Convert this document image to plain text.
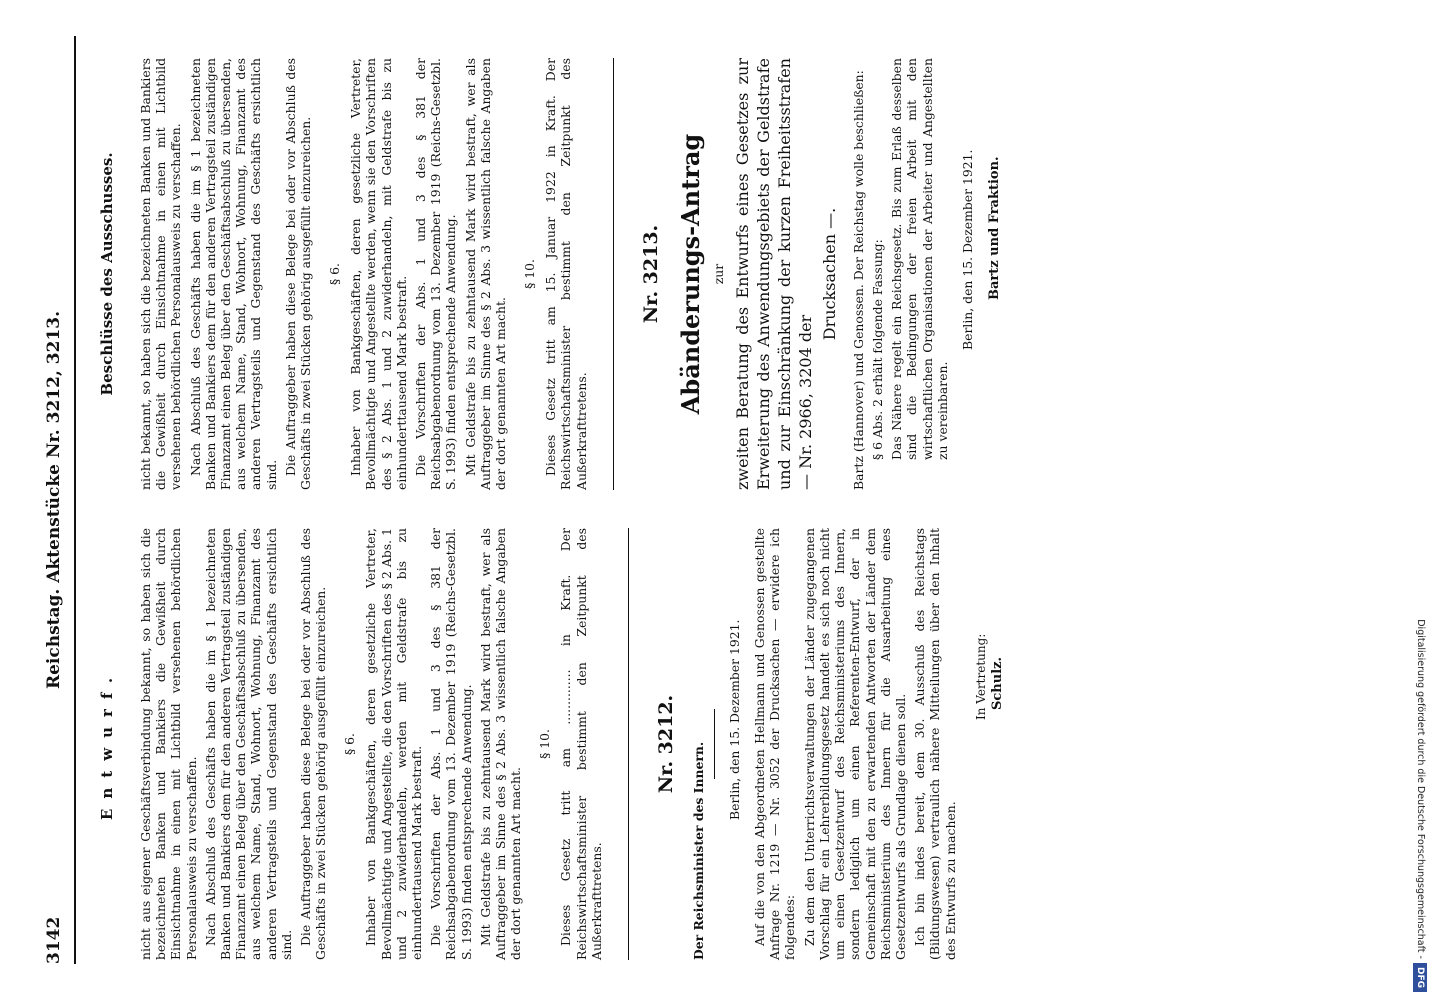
3142
Reichstag. Aktenstücke Nr. 3212, 3213.
Entwurf. nicht aus eigener Geschäftsverbindung bekannt, so haben sich die bezeichneten Banken und Bankiers die Gewißheit durch Einsichtnahme in einen mit Lichtbild versehenen behördlichen Personalausweis zu verschaffen. Nach Abschluß des Geschäfts haben die im § 1 bezeichneten Banken und Bankiers dem für den anderen Vertragsteil zuständigen Finanzamt einen Beleg über den Geschäftsabschluß zu übersenden, aus welchem Name, Stand, Wohnort, Wohnung, Finanzamt des anderen Vertragsteils und Gegenstand des Geschäfts ersichtlich sind. Die Auftraggeber haben diese Belege bei oder vor Abschluß des Geschäfts in zwei Stücken gehörig ausgefüllt einzureichen. § 6. Inhaber von Bankgeschäften, deren gesetzliche Vertreter, Bevollmächtigte und Angestellte, die den Vorschriften des § 2 Abs. 1 und 2 zuwiderhandeln, werden mit Geldstrafe bis zu einhunderttausend Mark bestraft. Die Vorschriften der Abs. 1 und 3 des § 381 der Reichsabgabenordnung vom 13. Dezember 1919 (Reichs-Gesetzbl. S. 1993) finden entsprechende Anwendung. Mit Geldstrafe bis zu zehntausend Mark wird bestraft, wer als Auftraggeber im Sinne des § 2 Abs. 3 wissentlich falsche Angaben der dort genannten Art macht.

§ 10. Dieses Gesetz tritt am .............. in Kraft. Der Reichswirtschaftsminister bestimmt den Zeitpunkt des Außerkrafttretens.

Nr. 3212. Der Reichsminister des Innern.
Berlin, den 15. Dezember 1921. Auf die von den Abgeordneten Hellmann und Genossen gestellte Anfrage Nr. 1219 — Nr. 3052 der Drucksachen — erwidere ich folgendes: Zu dem den Unterrichtsverwaltungen der Länder zugegangenen Vorschlag für ein Lehrerbildungsgesetz handelt es sich noch nicht um einen Gesetzentwurf des Reichsministeriums des Innern, sondern lediglich um einen Referenten-Entwurf, der in Gemeinschaft mit den zu erwartenden Antworten der Länder dem Reichsministerium des Innern für die Ausarbeitung eines Gesetzentwurfs als Grundlage dienen soll. Ich bin indes bereit, dem 30. Ausschuß des Reichstags (Bildungswesen) vertraulich nähere Mitteilungen über den Inhalt des Entwurfs zu machen.

In Vertretung: Schulz.
Beschlüsse des Ausschusses. nicht bekannt, so haben sich die bezeichneten Banken und Bankiers die Gewißheit durch Einsichtnahme in einen mit Lichtbild versehenen behördlichen Personalausweis zu verschaffen. Nach Abschluß des Geschäfts haben die im § 1 bezeichneten Banken und Bankiers dem für den anderen Vertragsteil zuständigen Finanzamt einen Beleg über den Geschäftsabschluß zu übersenden, aus welchem Name, Stand, Wohnort, Wohnung, Finanzamt des anderen Vertragsteils und Gegenstand des Geschäfts ersichtlich sind. Die Auftraggeber haben diese Belege bei oder vor Abschluß des Geschäfts in zwei Stücken gehörig ausgefüllt einzureichen. § 6. Inhaber von Bankgeschäften, deren gesetzliche Vertreter, Bevollmächtigte und Angestellte werden, wenn sie den Vorschriften des § 2 Abs. 1 und 2 zuwiderhandeln, mit Geldstrafe bis zu einhunderttausend Mark bestraft. Die Vorschriften der Abs. 1 und 3 des § 381 der Reichsabgabenordnung vom 13. Dezember 1919 (Reichs-Gesetzbl. S. 1993) finden entsprechende Anwendung. Mit Geldstrafe bis zu zehntausend Mark wird bestraft, wer als Auftraggeber im Sinne des § 2 Abs. 3 wissentlich falsche Angaben der dort genannten Art macht.

§ 10. Dieses Gesetz tritt am 15. Januar 1922 in Kraft. Der Reichswirtschaftsminister bestimmt den Zeitpunkt des Außerkrafttretens.

Nr. 3213. Abänderungs-Antrag zur zweiten Beratung des Entwurfs eines Gesetzes zur Erweiterung des Anwendungsgebiets der Geldstrafe und zur Einschränkung der kurzen Freiheitsstrafen — Nr. 2966, 3204 der

Drucksachen —. Bartz (Hannover) und Genossen. Der Reichstag wolle beschließen: § 6 Abs. 2 erhält folgende Fassung: Das Nähere regelt ein Reichsgesetz. Bis zum Erlaß desselben sind die Bedingungen der freien Arbeit mit den wirtschaftlichen Organisationen der Arbeiter und Angestellten zu vereinbaren.

Berlin, den 15. Dezember 1921. Bartz und Fraktion.
Digitalisierung gefördert durch die Deutsche Forschungsgemeinschaft -DFG
